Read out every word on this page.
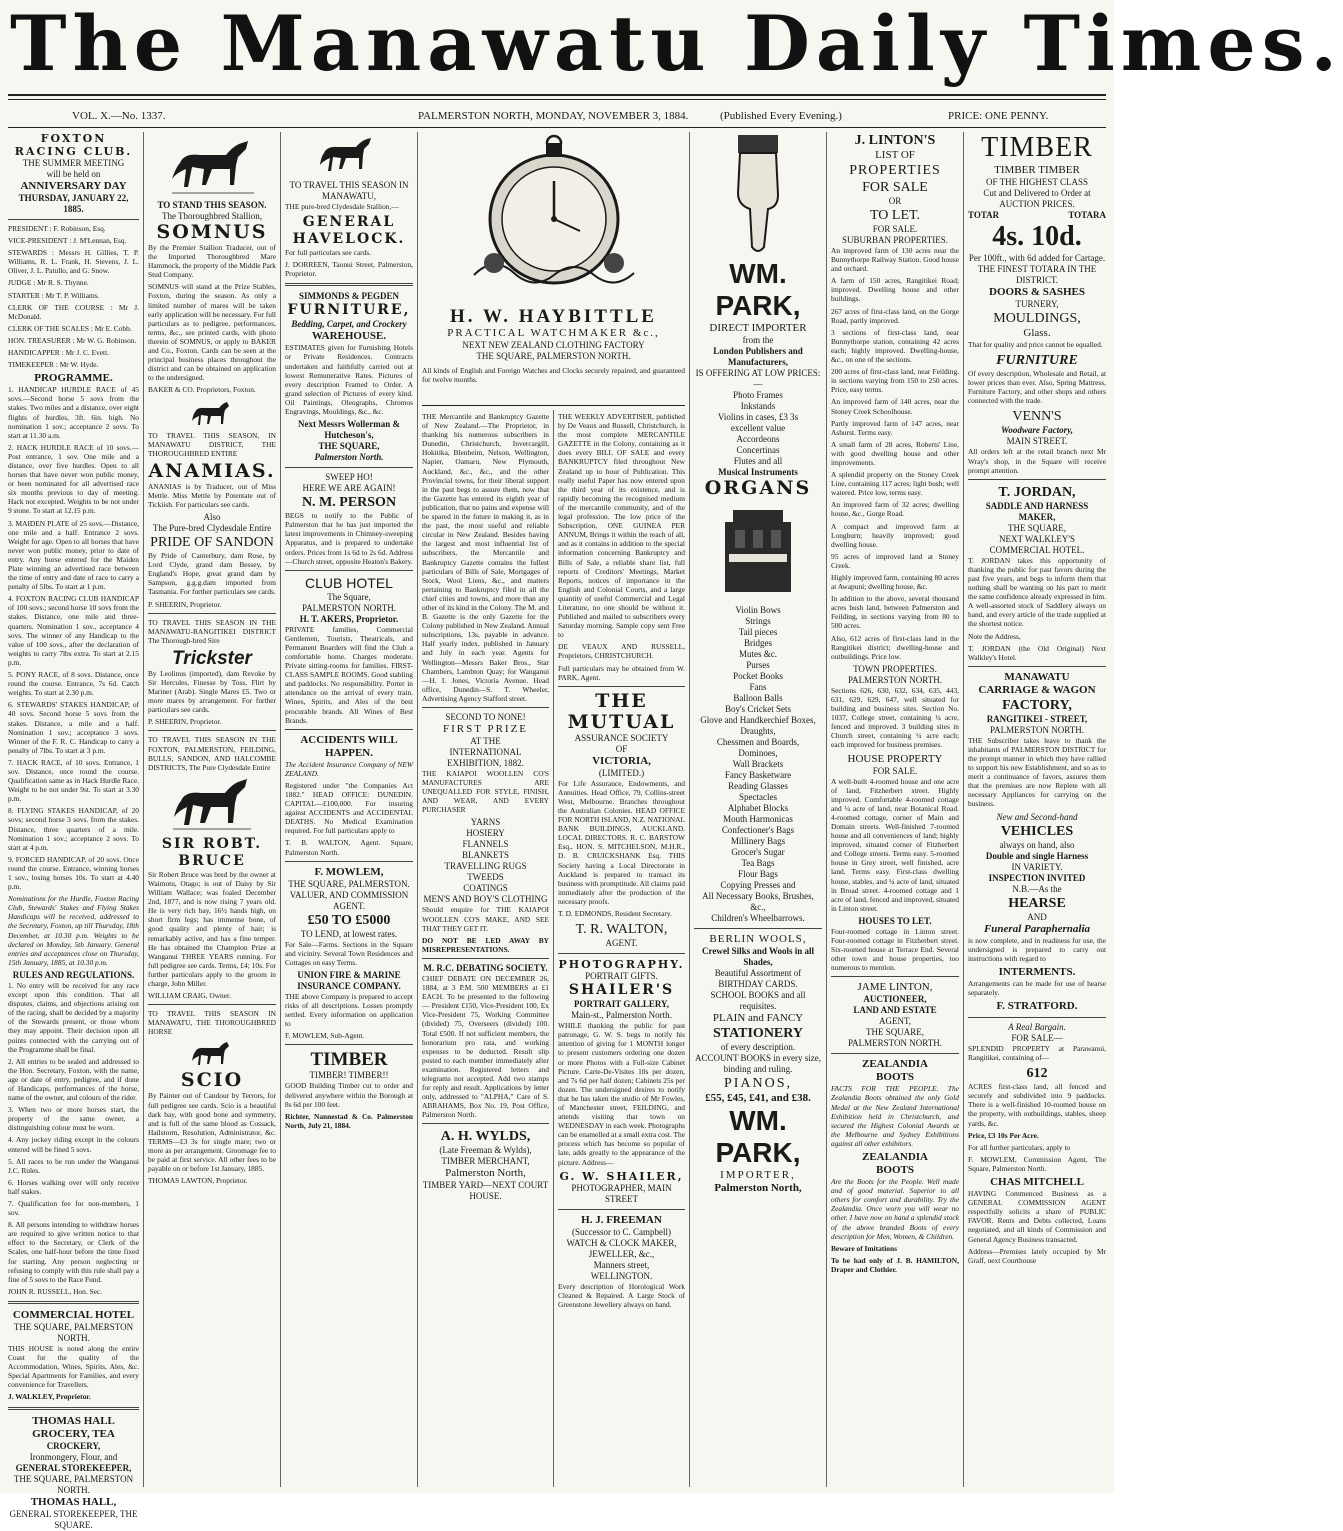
The Manawatu Daily Times.
VOL. X.—No. 1337.	PALMERSTON NORTH, MONDAY, NOVEMBER 3, 1884.	(Published Every Evening.)	PRICE: ONE PENNY.
FOXTON RACING CLUB.
THE SUMMER MEETING
will be held on
ANNIVERSARY DAY
THURSDAY, JANUARY 22, 1885.

PRESIDENT : F. Robinson, Esq.

VICE-PRESIDENT : J. M'Lennan, Esq.

STEWARDS : Messrs H. Gillies, T. P. Williams, R. L. Frank, H. Stevens, J. L. Oliver, J. L. Patullo, and G. Snow.

JUDGE : Mr R. S. Thynne.

STARTER : Mr T. P. Williams.

CLERK OF THE COURSE : Mr J. McDonald.

CLERK OF THE SCALES : Mr E. Cobb.

HON. TREASURER : Mr W. G. Robinson.

HANDICAPPER : Mr J. C. Evett.

TIMEKEEPER : Mr W. Hyde.

PROGRAMME.

1. HANDICAP HURDLE RACE of 45 sovs.—Second horse 5 sovs from the stakes. Two miles and a distance, over eight flights of hurdles, 3ft. 6in. high. No nomination 1 sov.; acceptance 2 sovs. To start at 11.30 a.m.

2. HACK HURDLE RACE of 10 sovs.—Post entrance, 1 sov. One mile and a distance, over five hurdles. Open to all horses that have never won public money, or been nominated for all advertised race six months previous to day of meeting. Hack not excepted. Weights to be not under 9 stone. To start at 12.15 p.m.

3. MAIDEN PLATE of 25 sovs.—Distance, one mile and a half. Entrance 2 sovs. Weight for age. Open to all horses that have never won public money, prior to date of entry. Any horse entered for the Maiden Plate winning an advertised race between the time of entry and date of race to carry a penalty of 5lbs. To start at 1 p.m.

4. FOXTON RACING CLUB HANDICAP of 100 sovs.; second horse 10 sovs from the stakes. Distance, one mile and three-quarters. Nomination 1 sov., acceptance 4 sovs. The winner of any Handicap to the value of 100 sovs., after the declaration of weights to carry 7lbs extra. To start at 2.15 p.m.

5. PONY RACE, of 8 sovs. Distance, once round the course. Entrance, 7s 6d. Catch weights. To start at 2.30 p.m.

6. STEWARDS' STAKES HANDICAP, of 40 sovs. Second horse 5 sovs from the stakes. Distance, a mile and a half. Nomination 1 sov.; acceptance 3 sovs. Winner of the F. R. C. Handicap to carry a penalty of 7lbs. To start at 3 p.m.

7. HACK RACE, of 10 sovs. Entrance, 1 sov. Distance, once round the course. Qualification same as in Hack Hurdle Race. Weight to be not under 9st. To start at 3.30 p.m.

8. FLYING STAKES HANDICAP, of 20 sovs; second horse 3 sovs. from the stakes. Distance, three quarters of a mile. Nomination 1 sov.; acceptance 2 sovs. To start at 4 p.m.

9. FORCED HANDICAP, of 20 sovs. Once round the course. Entrance, winning horses 1 sov., losing horses 10s. To start at 4.40 p.m.

Nominations for the Hurdle, Foxton Racing Club, Stewards' Stakes and Flying Stakes Handicaps will be received, addressed to the Secretary, Foxton, up till Thursday, 18th December, at 10.30 p.m. Weights to be declared on Monday, 5th January. General entries and acceptances close on Thursday, 15th January, 1885, at 10.30 p.m.

RULES AND REGULATIONS.

1. No entry will be received for any race except upon this condition. That all disputes, claims, and objections arising out of the racing, shall be decided by a majority of the Stewards present, or those whom they may appoint. Their decision upon all points connected with the carrying out of the Programme shall be final.

2. All entries to be sealed and addressed to the Hon. Secretary, Foxton, with the name, age or date of entry, pedigree, and if done of Handicaps, performances of the horse, name of the owner, and colours of the rider.

3. When two or more horses start, the property of the same owner, a distinguishing colour must be worn.

4. Any jockey riding except in the colours entered will be fined 5 sovs.

5. All races to be run under the Wanganui J.C. Rules.

6. Horses walking over will only receive half stakes.

7. Qualification fee for non-members, 1 sov.

8. All persons intending to withdraw horses are required to give written notice to that effect to the Secretary, or Clerk of the Scales, one half-hour before the time fixed for starting. Any person neglecting or refusing to comply with this rule shall pay a fine of 5 sovs to the Race Fund.

JOHN R. RUSSELL, Hon. Sec.

COMMERCIAL HOTEL
THE SQUARE, PALMERSTON NORTH.

THIS HOUSE is noted along the entire Coast for the quality of the Accommodation, Wines, Spirits, Ales, &c. Special Apartments for Families, and every convenience for Travellers.

J. WALKLEY, Proprietor.

THOMAS HALL
GROCERY, TEA
CROCKERY,
Ironmongery, Flour, and
GENERAL STOREKEEPER,
THE SQUARE, PALMERSTON NORTH.
THOMAS HALL,
GENERAL STOREKEEPER, THE SQUARE.
TO STAND THIS SEASON.
The Thoroughbred Stallion,
SOMNUS

By the Premier Stallion Traducer, out of the Imported Thoroughbred Mare Hammock, the property of the Middle Park Stud Company.

SOMNUS will stand at the Prize Stables, Foxton, during the season. As only a limited number of mares will be taken early application will be necessary. For full particulars as to pedigree, performances, terms, &c., see printed cards, with photo therein of SOMNUS, or apply to BAKER and Co., Foxton. Cards can be seen at the principal business places throughout the district and can be obtained on application to the undersigned.

BAKER & CO. Proprietors, Foxton.

TO TRAVEL THIS SEASON, IN MANAWATU DISTRICT, THE THOROUGHBRED ENTIRE

ANAMIAS.

ANANIAS is by Traducer, out of Miss Mettle. Miss Mettle by Potentate out of Tickiish. For particulars see cards.

Also
The Pure-bred Clydesdale Entire
PRIDE OF SANDON

By Pride of Canterbury, dam Rose, by Lord Clyde, grand dam Bessey, by England's Hope, great grand dam by Sampson, g.g.g.dam imported from Tasmania. For further particulars see cards.

P. SHEERIN, Proprietor.

TO TRAVEL THIS SEASON IN THE MANAWATU-RANGITIKEI DISTRICT The Thorough-bred Sire

Trickster

By Leolinus (imported), dam Revoke by Sir Hercules, Finesse by Toss, Flirt by Mariner (Arab). Single Mares £5. Two or more mares by arrangement. For further particulars see cards.

P. SHEERIN, Proprietor.

TO TRAVEL THIS SEASON IN THE FOXTON, PALMERSTON, FEILDING, BULLS, SANDON, AND HALCOMBE DISTRICTS, The Pure Clydesdale Entire

SIR ROBT. BRUCE

Sir Robert Bruce was bred by the owner at Waimotu, Otago; is out of Daisy by Sir William Wallace; was foaled December 2nd, 1877, and is now rising 7 years old. He is very rich bay, 16½ hands high, on short firm legs; has immense bone, of good quality and plenty of hair; is remarkably active, and has a fine temper. He has obtained the Champion Prize at Wanganui THREE YEARS running. For full pedigree see cards. Terms, £4; 10s. For further particulars apply to the groom in charge, John Miller.

WILLIAM CRAIG, Owner.

TO TRAVEL THIS SEASON IN MANAWATU, THE THOROUGHBRED HORSE

SCIO

By Painter out of Candour by Terrors, for full pedigree see cards. Scio is a beautiful dark bay, with good bone and symmetry, and is full of the same blood as Cossack, Hailstorm, Resolution, Administrator, &c. TERMS—£3 3s for single mare; two or more as per arrangement. Groomage fee to be paid at first service. All other fees to be payable on or before 1st January, 1885.

THOMAS LAWTON, Proprietor.

TO TRAVEL THIS SEASON IN MANAWATU,

THE pure-bred Clydesdale Stallion,—

GENERAL HAVELOCK.

For full particulars see cards.

J. DORREEN, Taonui Street, Palmerston, Proprietor.

SIMMONDS & PEGDEN
FURNITURE,
Bedding, Carpet, and Crockery
WAREHOUSE.

ESTIMATES given for Furnishing Hotels or Private Residences. Contracts undertaken and faithfully carried out at lowest Remunerative Rates. Pictures of every description Framed to Order. A grand selection of Pictures of every kind. Oil Paintings, Oleographs, Chromos Engravings, Mouldings, &c., &c.

Next Messrs Wollerman & Hutcheson's,
THE SQUARE,
Palmerston North.
SWEEP HO!
HERE WE ARE AGAIN!
N. M. PERSON

BEGS to notify to the Public of Palmerston that he has just imported the latest improvements in Chimney-sweeping Apparatus, and is prepared to undertake orders. Prices from 1s 6d to 2s 6d. Address —Church street, opposite Heaton's Bakery.

CLUB HOTEL
The Square,
PALMERSTON NORTH.
H. T. AKERS, Proprietor.

PRIVATE families, Commercial Gentlemen, Tourists, Theatricals, and Permanent Boarders will find the Club a comfortable home. Charges moderate. Private sitting-rooms for families. FIRST-CLASS SAMPLE ROOMS. Good stabling and paddocks. No responsibility. Porter in attendance on the arrival of every train. Wines, Spirits, and Ales of the best procurable brands. All Wines of Best Brands.

ACCIDENTS WILL HAPPEN.

The Accident Insurance Company of NEW ZEALAND.

Registered under "the Companies Act 1882." HEAD OFFICE: DUNEDIN. CAPITAL—£100,000. For insuring against ACCIDENTS and ACCIDENTAL DEATHS. No Medical Examination required. For full particulars apply to

T. B. WALTON, Agent. Square, Palmerston North.

F. MOWLEM,
THE SQUARE, PALMERSTON.
VALUER, AND COMMISSION AGENT.
£50 TO £5000
TO LEND, at lowest rates.

For Sale—Farms. Sections in the Square and vicinity. Several Town Residences and Cottages on easy Terms.

UNION FIRE & MARINE INSURANCE COMPANY.

THE above Company is prepared to accept risks of all descriptions. Losses promptly settled. Every information on application to

F. MOWLEM, Sub-Agent.

TIMBER
TIMBER! TIMBER!!

GOOD Building Timber cut to order and delivered anywhere within the Borough at 8s 6d per 100 feet.

Richter, Nannestad & Co. Palmerston North, July 21, 1884.

H. W. HAYBITTLE
PRACTICAL WATCHMAKER &c.,
NEXT NEW ZEALAND CLOTHING FACTORY
THE SQUARE, PALMERSTON NORTH.

All kinds of English and Foreign Watches and Clocks securely repaired, and guaranteed for twelve months.

THE Mercantile and Bankruptcy Gazette of New Zealand.—The Proprietor, in thanking his numerous subscribers in Dunedin, Christchurch, Invercargill, Hokitika, Blenheim, Nelson, Wellington, Napier, Oamaru, New Plymouth, Auckland, &c., &c., and the other Provincial towns, for their liberal support in the past begs to assure them, now that the Gazette has entered its eighth year of publication, that no pains and expense will be spared in the future in making it, as in the past, the most useful and reliable circular in New Zealand. Besides having the largest and most influential list of subscribers, the Mercantile and Bankruptcy Gazette contains the fullest particulars of Bills of Sale, Mortgages of Stock, Wool Liens, &c., and matters pertaining to Bankruptcy filed in all the chief cities and towns, and more than any other of its kind in the Colony. The M. and B. Gazette is the only Gazette for the Colony published in New Zealand. Annual subscriptions, 13s, payable in advance. Half yearly index, published in January and July in each year. Agents for Wellington—Messrs Baker Bros., Star Chambers, Lambton Quay; for Wanganui —H. I. Jones, Victoria Avenue. Head office, Dunedin—S. T. Wheeler, Advertising Agency Stafford street.

SECOND TO NONE!
FIRST PRIZE
AT THE
INTERNATIONAL EXHIBITION, 1882.

THE KAIAPOI WOOLLEN CO'S MANUFACTURES ARE UNEQUALLED FOR STYLE, FINISH, AND WEAR, AND EVERY PURCHASER

YARNS
HOSIERY
FLANNELS
BLANKETS
TRAVELLING RUGS
TWEEDS
COATINGS
MEN'S AND BOY'S CLOTHING

Should enquire for THE KAIAPOI WOOLLEN CO'S MAKE, AND SEE THAT THEY GET IT.

DO NOT BE LED AWAY BY MISREPRESENTATIONS.

M. R.C. DEBATING SOCIETY.

CHIEF DEBATE ON DECEMBER 26, 1884, at 3 P.M. 500 MEMBERS at £1 EACH. To be presented to the following — President £150, Vice-President 100, Ex Vice-President 75, Working Committee (divided) 75, Overseers (divided) 100. Total £500. If not sufficient members, the honorarium pro rata, and working expenses to be deducted. Result slip posted to each member immediately after examination. Registered letters and telegrams not accepted. Add two stamps for reply and result. Applications by letter only, addressed to "ALPHA," Care of S. ABRAHAMS, Box No. 19, Post Office, Palmerston North.

A. H. WYLDS,
(Late Freeman & Wylds),
TIMBER MERCHANT,
Palmerston North,
TIMBER YARD—NEXT COURT HOUSE.

THE WEEKLY ADVERTISER, published by De Veaux and Russell, Christchurch, is the most complete MERCANTILE GAZETTE in the Colony, containing as it does every BILL OF SALE and every BANKRUPTCY filed throughout New Zealand up to hour of Publication. This really useful Paper has now entered upon the third year of its existence, and is rapidly becoming the recognised medium of the mercantile community, and of the legal profession. The low price of the Subscription, ONE GUINEA PER ANNUM, Brings it within the reach of all, and as it contains in addition to the special information concerning Bankruptcy and Bills of Sale, a reliable share list, full reports of Creditors' Meetings, Market Reports, notices of importance in the English and Colonial Courts, and a large quantity of useful Commercial and Legal Literature, no one should be without it. Published and mailed to subscribers every Saturday morning. Sample copy sent Free to

DE VEAUX AND RUSSELL, Proprietors, CHRISTCHURCH.

Full particulars may be obtained from W. PARK, Agent.

THE MUTUAL
ASSURANCE SOCIETY
OF
VICTORIA,
(LIMITED.)

For Life Assurance, Endowments, and Annuities. Head Office, 79, Collins-street West, Melbourne. Branches throughout the Australian Colonies. HEAD OFFICE FOR NORTH ISLAND, N.Z. NATIONAL BANK BUILDINGS, AUCKLAND. LOCAL DIRECTORS. R. C. BARSTOW Esq., HON. S. MITCHELSON, M.H.R., D. B. CRUICKSHANK Esq. THIS Society having a Local Directorate in Auckland is prepared to transact its business with promptitude. All claims paid immediately after the production of the necessary proofs.

T. D. EDMONDS, Resident Secretary.

T. R. WALTON,
AGENT.
PHOTOGRAPHY.
PORTRAIT GIFTS.
SHAILER'S
PORTRAIT GALLERY,
Main-st., Palmerston North.

WHILE thanking the public for past patronage, G. W. S. begs to notify his intention of giving for 1 MONTH longer to present customers ordering one dozen or more Photos with a Full-size Cabinet Picture. Carte-De-Visites 10s per dozen, and 7s 6d per half dozen; Cabinets 25s per dozen. The undersigned desires to notify that he has taken the studio of Mr Fowles, of Manchester street, FEILDING, and attends visiting that town on WEDNESDAY in each week. Photographs can be enamelled at a small extra cost. The process which has become so popular of late, adds greatly to the appearance of the picture. Address—

G. W. SHAILER,
PHOTOGRAPHER, MAIN STREET
H. J. FREEMAN
(Successor to C. Campbell)
WATCH & CLOCK MAKER, JEWELLER, &c.,
Manners street,
WELLINGTON.

Every description of Horological Work Cleaned & Repaired. A Large Stock of Greenstone Jewellery always on hand.

WM. PARK,
DIRECT IMPORTER
from the
London Publishers and Manufacturers,
IS OFFERING AT LOW PRICES:—
Photo Frames
Inkstands
Violins in cases, £3 3s
excellent value
Accordeons
Concertinas
Flutes and all
Musical Instruments
ORGANS
Violin Bows
Strings
Tail pieces
Bridges
Mutes &c.
Purses
Pocket Books
Fans
Balloon Balls
Boy's Cricket Sets
Glove and Handkerchief Boxes,
Draughts,
Chessmen and Boards,
Dominoes,
Wall Brackets
Fancy Basketware
Reading Glasses
Spectacles
Alphabet Blocks
Mouth Harmonicas
Confectioner's Bags
Millinery Bags
Grocer's Sugar
Tea Bags
Flour Bags
Copying Presses and
All Necessary Books, Brushes, &c.,
Children's Wheelbarrows.
BERLIN WOOLS,
Crewel Silks and Wools in all Shades,
Beautiful Assortment of BIRTHDAY CARDS.
SCHOOL BOOKS and all requisites.
PLAIN and FANCY
STATIONERY
of every description.
ACCOUNT BOOKS in every size, binding and ruling.
PIANOS,
£55, £45, £41, and £38.
WM. PARK,
IMPORTER,
Palmerston North,
J. LINTON'S
LIST OF
PROPERTIES
FOR SALE
OR
TO LET.
FOR SALE.
SUBURBAN PROPERTIES.

An improved farm of 130 acres near the Bunnythorpe Railway Station. Good house and orchard.

A farm of 150 acres, Rangitikei Road; improved. Dwelling house and other buildings.

267 acres of first-class land, on the Gorge Road, partly improved.

3 sections of first-class land, near Bunnythorpe station, containing 42 acres each; highly improved. Dwelling-house, &c., on one of the sections.

200 acres of first-class land, near Feilding, in sections varying from 150 to 250 acres. Price, easy terms.

An improved farm of 140 acres, near the Stoney Creek Schoolhouse.

Partly improved farm of 147 acres, near Ashurst. Terms easy.

A small farm of 28 acres, Roberts' Line, with good dwelling house and other improvements.

A splendid property on the Stoney Creek Line, containing 117 acres; light bush; well watered. Price low, terms easy.

An improved farm of 32 acres; dwelling house, &c., Gorge Road.

A compact and improved farm at Longburn; heavily improved; good dwelling house.

95 acres of improved land at Stoney Creek.

Highly improved farm, containing 80 acres at Awapuni; dwelling house, &c.

In addition to the above, several thousand acres bush land, between Palmerston and Feilding, in sections varying from 80 to 500 acres.

Also, 612 acres of first-class land in the Rangitikei district; dwelling-house and outbuildings. Price low.

TOWN PROPERTIES.
PALMERSTON NORTH.

Sections 626, 630, 632, 634, 635, 443, 631, 629, 629, 647, well situated for building and business sites. Section No. 1037, College street, containing ¼ acre, fenced and improved. 3 building sites in Church street, containing ¼ acre each; each improved for business premises.

HOUSE PROPERTY
FOR SALE.

A well-built 4-roomed house and one acre of land, Fitzherbert street. Highly improved. Comfortable 4-roomed cottage and ¼ acre of land, near Botanical Road. 4-roomed cottage, corner of Main and Domain streets. Well-finished 7-roomed house and all conveniences of land; highly improved, situated corner of Fitzherbert and College streets. Terms easy. 5-roomed house in Grey street, well finished, acre land. Terms easy. First-class dwelling house, stables, and ¼ acre of land, situated in Broad street. 4-roomed cottage and 1 acre of land, fenced and improved, situated in Linton street.

HOUSES TO LET.

Four-roomed cottage in Linton street. Four-roomed cottage in Fitzherbert street. Six-roomed house at Terrace End. Several other town and house properties, too numerous to mention.

JAME LINTON,
AUCTIONEER,
LAND AND ESTATE
AGENT,
THE SQUARE,
PALMERSTON NORTH.
ZEALANDIA
BOOTS

FACTS FOR THE PEOPLE. The Zealandia Boots obtained the only Gold Medal at the New Zealand International Exhibition held in Christchurch, and secured the Highest Colonial Awards at the Melbourne and Sydney Exhibitions against all other exhibitors.

ZEALANDIA
BOOTS

Are the Boots for the People. Well made and of good material. Superior to all others for comfort and durability. Try the Zealandia. Once worn you will wear no other. I have now on hand a splendid stock of the above branded Boots of every description for Men, Women, & Children.

Beware of Imitations

To be had only of J. B. HAMILTON, Draper and Clothier.

TIMBER
TIMBER TIMBER
OF THE HIGHEST CLASS
Cut and Delivered to Order at AUCTION PRICES.
TOTAR	TOTARA
4s. 10d.
Per 100ft., with 6d added for Cartage.
THE FINEST TOTARA IN THE DISTRICT.
DOORS & SASHES
TURNERY,
MOULDINGS,
Glass.

That for quality and price cannot be equalled.

FURNITURE

Of every description, Wholesale and Retail, at lower prices than ever. Also, Spring Mattress, Furniture Factory, and other shops and others connected with the trade.

VENN'S
Woodware Factory,
MAIN STREET.

All orders left at the retail branch next Mr Wray's shop, in the Square will receive prompt attention.

T. JORDAN,
SADDLE AND HARNESS MAKER,
THE SQUARE,
NEXT WALKLEY'S COMMERCIAL HOTEL.

T. JORDAN takes this opportunity of thanking the public for past favors during the past five years, and begs to inform them that nothing shall be wanting on his part to merit the same confidence already expressed in him. A well-assorted stock of Saddlery always on hand, and every article of the trade supplied at the shortest notice.

Note the Address,

T. JORDAN (the Old Original) Next Walkley's Hotel.

MANAWATU
CARRIAGE & WAGON
FACTORY,
RANGITIKEI - STREET,
PALMERSTON NORTH.

THE Subscriber takes leave to thank the inhabitants of PALMERSTON DISTRICT for the prompt manner in which they have rallied to support his new Establishment, and so as to merit a continuance of favors, assures them that the premises are now Replete with all necessary Appliances for carrying on the business.

New and Second-hand
VEHICLES
always on hand, also
Double and single Harness
IN VARIETY.
INSPECTION INVITED
N.B.—As the
HEARSE
AND
Funeral Paraphernalia

is now complete, and in readiness for use, the undersigned is prepared to carry out instructions with regard to

INTERMENTS.

Arrangements can be made for use of hearse separately.

F. STRATFORD.
A Real Bargain.
FOR SALE—

SPLENDID PROPERTY at Parawanui, Rangitikei, containing of—

612

ACRES first-class land, all fenced and securely and subdivided into 9 paddocks. There is a well-finished 10-roomed house on the property, with outbuildings, stables, sheep yards, &c.

Price, £3 10s Per Acre.

For all further particulars, apply to

F. MOWLEM, Commission Agent, The Square, Palmerston North.

CHAS MITCHELL

HAVING Commenced Business as a GENERAL COMMISSION AGENT respectfully solicits a share of PUBLIC FAVOR. Rents and Debts collected, Loans negotiated, and all kinds of Commission and General Agency Business transacted.

Address—Premises lately occupied by Mr Graff, next Courthouse
